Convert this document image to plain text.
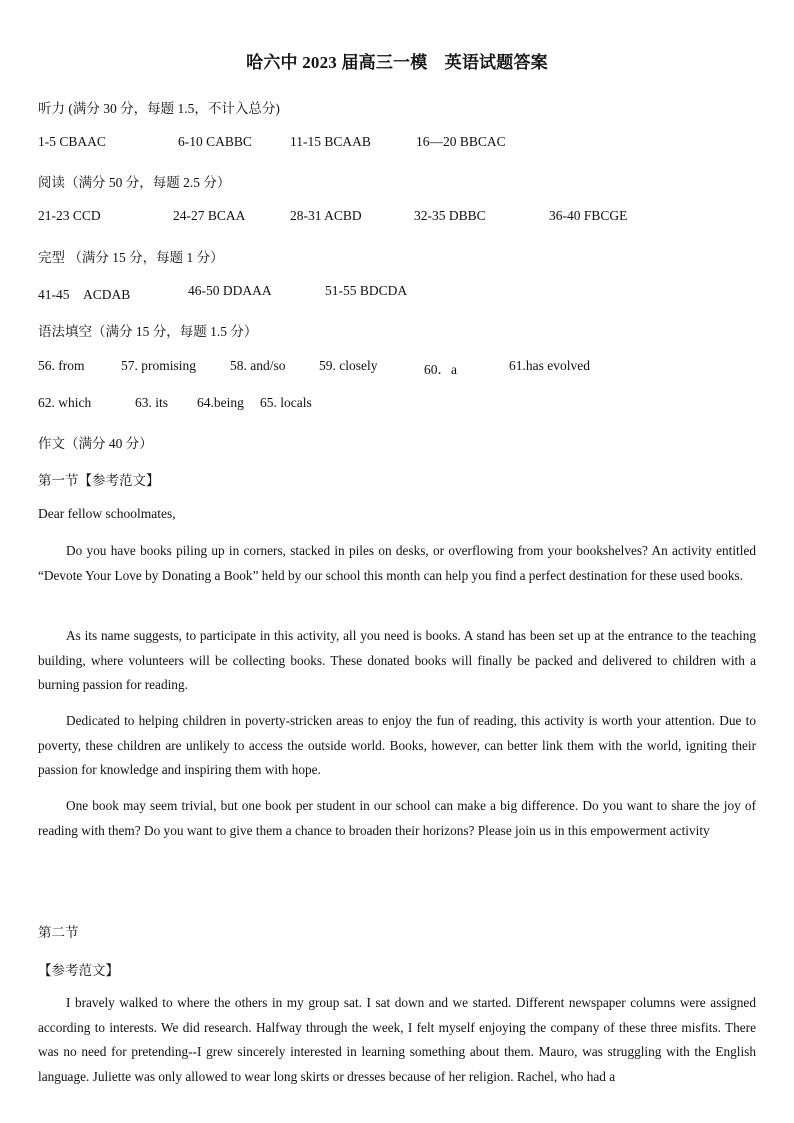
哈六中 2023 届高三一模　英语试题答案
听力 (满分 30 分，每题 1.5，不计入总分)
1-5 CBAAC	6-10 CABBC	11-15 BCAAB	16—20 BBCAC
阅读（满分 50 分，每题 2.5 分）
21-23 CCD	24-27 BCAA	28-31 ACBD	32-35 DBBC	36-40 FBCGE
完型 （满分 15 分，每题 1 分）
41-45　ACDAB	46-50 DDAAA	51-55 BDCDA
语法填空（满分 15 分，每题 1.5 分）
56. from	57. promising	58. and/so 59. closely	60．a	61.has evolved
62. which	63. its 64.being 65. locals
作文（满分 40 分）
第一节【参考范文】
Dear fellow schoolmates,
Do you have books piling up in corners, stacked in piles on desks, or overflowing from your bookshelves? An activity entitled “Devote Your Love by Donating a Book” held by our school this month can help you find a perfect destination for these used books.
As its name suggests, to participate in this activity, all you need is books. A stand has been set up at the entrance to the teaching building, where volunteers will be collecting books. These donated books will finally be packed and delivered to children with a burning passion for reading.
Dedicated to helping children in poverty-stricken areas to enjoy the fun of reading, this activity is worth your attention. Due to poverty, these children are unlikely to access the outside world. Books, however, can better link them with the world, igniting their passion for knowledge and inspiring them with hope.
One book may seem trivial, but one book per student in our school can make a big difference. Do you want to share the joy of reading with them? Do you want to give them a chance to broaden their horizons? Please join us in this empowerment activity
第二节
【参考范文】
I bravely walked to where the others in my group sat. I sat down and we started. Different newspaper columns were assigned according to interests. We did research. Halfway through the week, I felt myself enjoying the company of these three misfits. There was no need for pretending--I grew sincerely interested in learning something about them. Mauro, was struggling with the English language. Juliette was only allowed to wear long skirts or dresses because of her religion. Rachel, who had a
